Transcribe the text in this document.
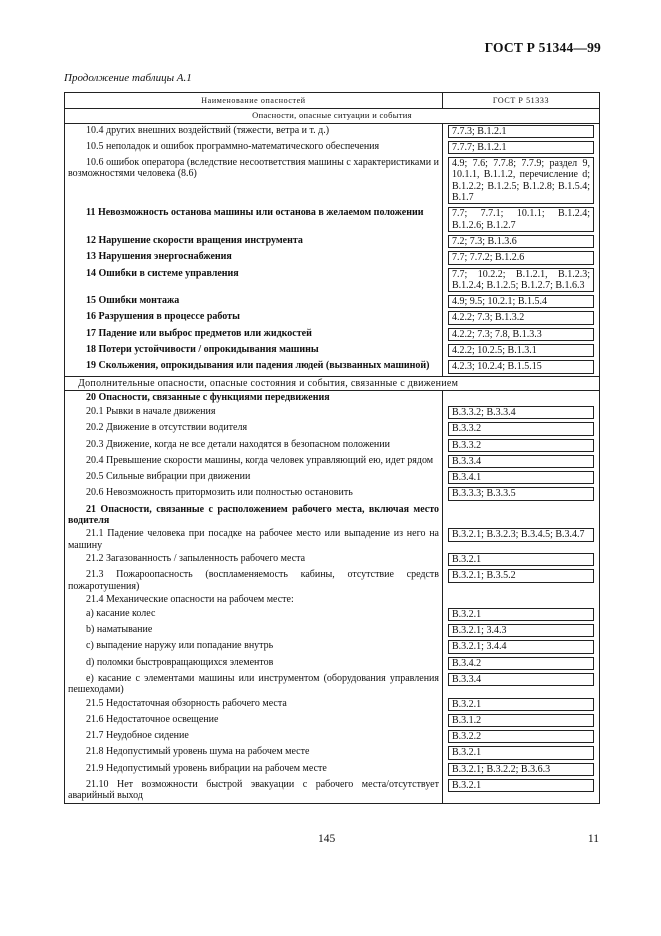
ГОСТ Р 51344—99
Продолжение таблицы А.1
Наименование опасностей	ГОСТ Р 51333
Опасности, опасные ситуации и события	
10.4 других внешних воздействий (тяжести, ветра и т. д.)	7.7.3; В.1.2.1

10.5 неполадок и ошибок программно-математического обеспечения	7.7.7; В.1.2.1

10.6 ошибок оператора (вследствие несоответствия машины с характеристиками и возможностями человека (8.6)	4.9; 7.6; 7.7.8; 7.7.9; раздел 9, 10.1.1, В.1.1.2, перечисление d; В.1.2.2; В.1.2.5; В.1.2.8; В.1.5.4; В.1.7

11 Невозможность останова машины или останова в желаемом положении	7.7; 7.7.1; 10.1.1; В.1.2.4; В.1.2.6; В.1.2.7

12 Нарушение скорости вращения инструмента	7.2; 7.3; В.1.3.6

13 Нарушения энергоснабжения	7.7; 7.7.2; В.1.2.6

14 Ошибки в системе управления	7.7; 10.2.2; В.1.2.1, В.1.2.3; В.1.2.4; В.1.2.5; В.1.2.7; В.1.6.3

15 Ошибки монтажа	4.9; 9.5; 10.2.1; В.1.5.4

16 Разрушения в процессе работы	4.2.2; 7.3; В.1.3.2

17 Падение или выброс предметов или жидкостей	4.2.2; 7.3; 7.8, В.1.3.3

18 Потери устойчивости / опрокидывания машины	4.2.2; 10.2.5; В.1.3.1

19 Скольжения, опрокидывания или падения людей (вызванных машиной)	4.2.3; 10.2.4; В.1.5.15

Дополнительные опасности, опасные состояния и события, связанные с движением	
20 Опасности, связанные с функциями передвижения	

20.1 Рывки в начале движения	В.3.3.2; В.3.3.4

20.2 Движение в отсутствии водителя	В.3.3.2

20.3 Движение, когда не все детали находятся в безопасном положении	В.3.3.2

20.4 Превышение скорости машины, когда человек управляющий ею, идет рядом	В.3.3.4

20.5 Сильные вибрации при движении	В.3.4.1

20.6 Невозможность притормозить или полностью остановить	В.3.3.3; В.3.3.5

21 Опасности, связанные с расположением рабочего места, включая место водителя	

21.1 Падение человека при посадке на рабочее место или выпадение из него на машину	В.3.2.1; В.3.2.3; В.3.4.5; В.3.4.7

21.2 Загазованность / запыленность рабочего места	В.3.2.1

21.3 Пожароопасность (воспламеняемость кабины, отсутствие средств пожаротушения)	В.3.2.1; В.3.5.2

21.4 Механические опасности на рабочем месте:	

а) касание колес	В.3.2.1

b) наматывание	В.3.2.1; 3.4.3

с) выпадение наружу или попадание внутрь	В.3.2.1; 3.4.4

d) поломки быстровращающихся элементов	В.3.4.2

е) касание с элементами машины или инструментом (оборудования управления пешеходами)	В.3.3.4

21.5 Недостаточная обзорность рабочего места	В.3.2.1

21.6 Недостаточное освещение	В.3.1.2

21.7 Неудобное сидение	В.3.2.2

21.8 Недопустимый уровень шума на рабочем месте	В.3.2.1

21.9 Недопустимый уровень вибрации на рабочем месте	В.3.2.1; В.3.2.2; В.3.6.3

21.10 Нет возможности быстрой эвакуации с рабочего места/отсутствует аварийный выход	В.3.2.1
145	11
